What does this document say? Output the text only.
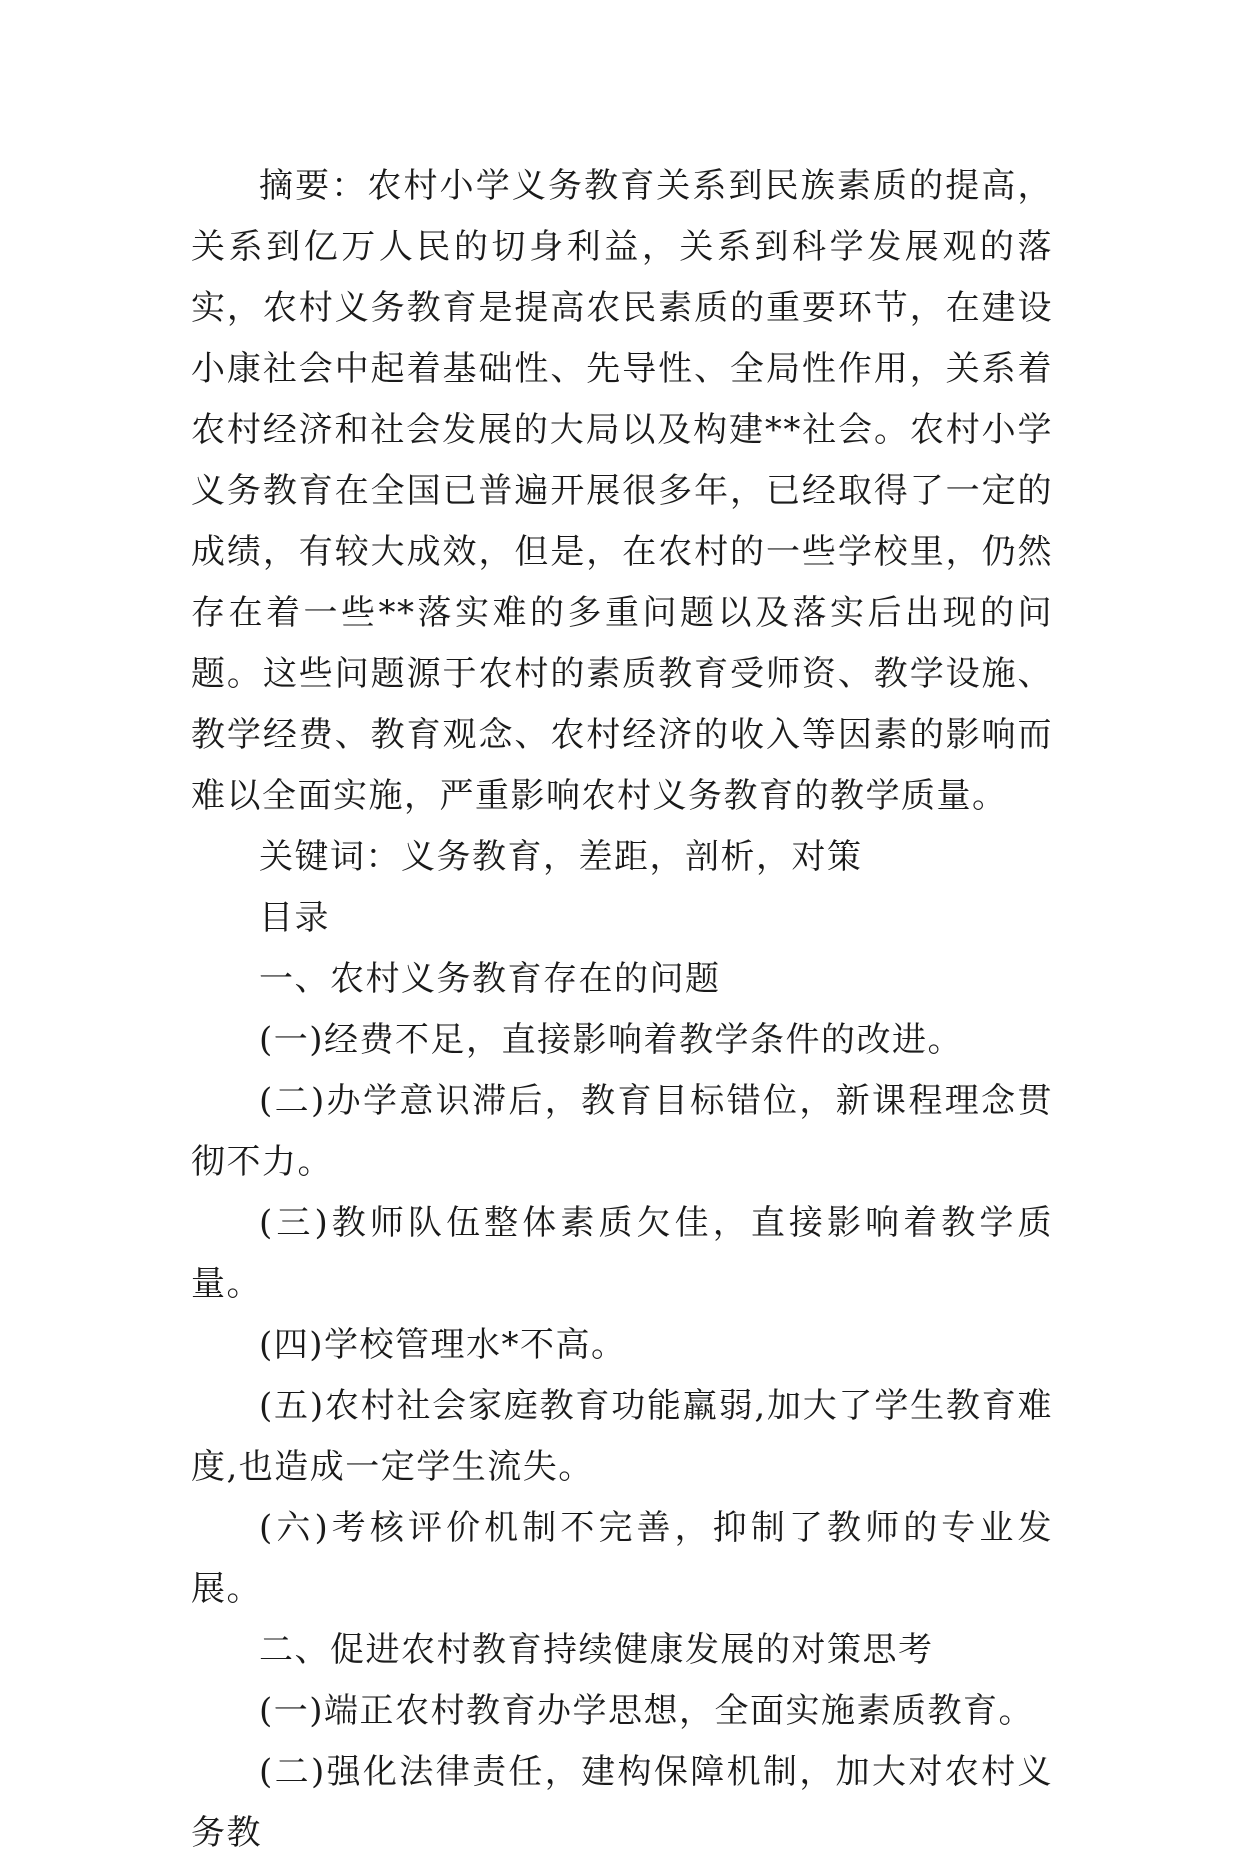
摘要：农村小学义务教育关系到民族素质的提高，关系到亿万人民的切身利益，关系到科学发展观的落实，农村义务教育是提高农民素质的重要环节，在建设小康社会中起着基础性、先导性、全局性作用，关系着农村经济和社会发展的大局以及构建**社会。农村小学义务教育在全国已普遍开展很多年，已经取得了一定的成绩，有较大成效，但是，在农村的一些学校里，仍然存在着一些**落实难的多重问题以及落实后出现的问题。这些问题源于农村的素质教育受师资、教学设施、教学经费、教育观念、农村经济的收入等因素的影响而难以全面实施，严重影响农村义务教育的教学质量。

关键词：义务教育，差距，剖析，对策

目录

一、农村义务教育存在的问题

(一)经费不足，直接影响着教学条件的改进。

(二)办学意识滞后，教育目标错位，新课程理念贯彻不力。

(三)教师队伍整体素质欠佳，直接影响着教学质量。

(四)学校管理水*不高。

(五)农村社会家庭教育功能羸弱,加大了学生教育难度,也造成一定学生流失。

(六)考核评价机制不完善，抑制了教师的专业发展。

二、促进农村教育持续健康发展的对策思考

(一)端正农村教育办学思想，全面实施素质教育。

(二)强化法律责任，建构保障机制，加大对农村义务教
